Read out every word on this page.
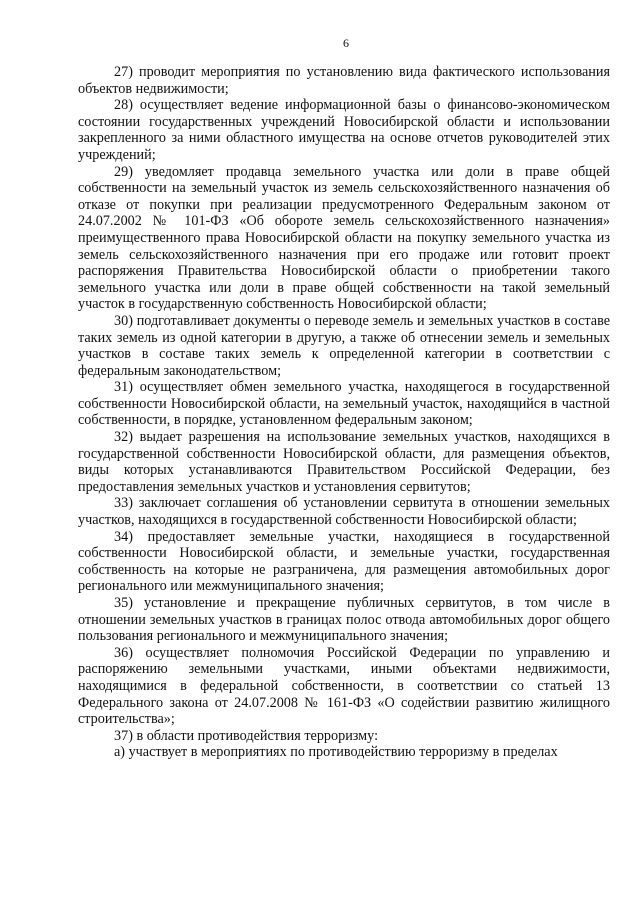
6

27) проводит мероприятия по установлению вида фактического использования объектов недвижимости;

28) осуществляет ведение информационной базы о финансово-экономическом состоянии государственных учреждений Новосибирской области и использовании закрепленного за ними областного имущества на основе отчетов руководителей этих учреждений;

29) уведомляет продавца земельного участка или доли в праве общей собственности на земельный участок из земель сельскохозяйственного назначения об отказе от покупки при реализации предусмотренного Федеральным законом от 24.07.2002 № 101-ФЗ «Об обороте земель сельскохозяйственного назначения» преимущественного права Новосибирской области на покупку земельного участка из земель сельскохозяйственного назначения при его продаже или готовит проект распоряжения Правительства Новосибирской области о приобретении такого земельного участка или доли в праве общей собственности на такой земельный участок в государственную собственность Новосибирской области;

30) подготавливает документы о переводе земель и земельных участков в составе таких земель из одной категории в другую, а также об отнесении земель и земельных участков в составе таких земель к определенной категории в соответствии с федеральным законодательством;

31) осуществляет обмен земельного участка, находящегося в государственной собственности Новосибирской области, на земельный участок, находящийся в частной собственности, в порядке, установленном федеральным законом;

32) выдает разрешения на использование земельных участков, находящихся в государственной собственности Новосибирской области, для размещения объектов, виды которых устанавливаются Правительством Российской Федерации, без предоставления земельных участков и установления сервитутов;

33) заключает соглашения об установлении сервитута в отношении земельных участков, находящихся в государственной собственности Новосибирской области;

34) предоставляет земельные участки, находящиеся в государственной собственности Новосибирской области, и земельные участки, государственная собственность на которые не разграничена, для размещения автомобильных дорог регионального или межмуниципального значения;

35) установление и прекращение публичных сервитутов, в том числе в отношении земельных участков в границах полос отвода автомобильных дорог общего пользования регионального и межмуниципального значения;

36) осуществляет полномочия Российской Федерации по управлению и распоряжению земельными участками, иными объектами недвижимости, находящимися в федеральной собственности, в соответствии со статьей 13 Федерального закона от 24.07.2008 № 161-ФЗ «О содействии развитию жилищного строительства»;

37) в области противодействия терроризму:

а) участвует в мероприятиях по противодействию терроризму в пределах
